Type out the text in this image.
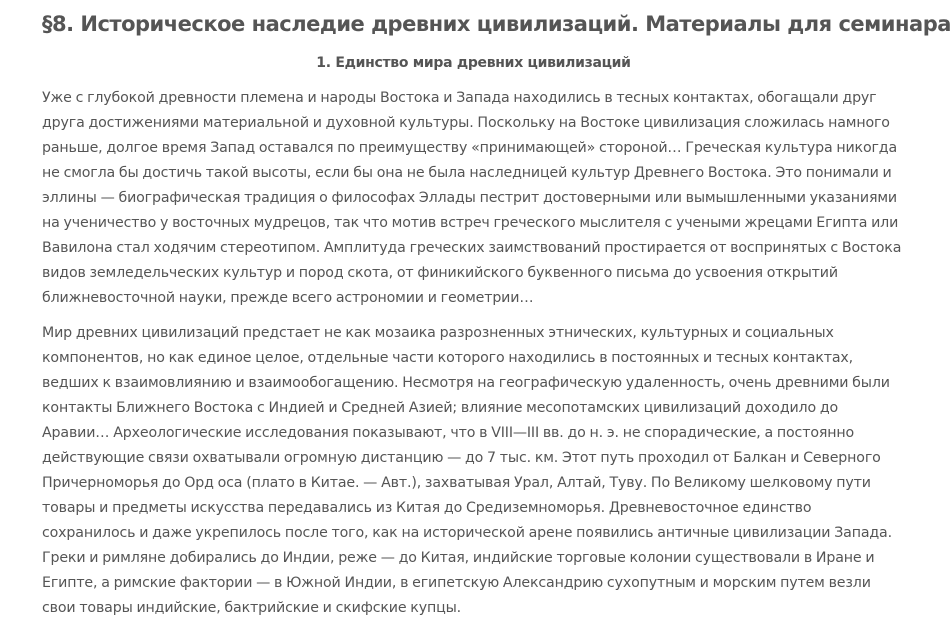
§8. Историческое наследие древних цивилизаций. Материалы для семинара
1. Единство мира древних цивилизаций

Уже с глубокой древности племена и народы Востока и Запада находились в тесных контактах, обогащали друг друга достижениями материальной и духовной культуры. Поскольку на Востоке цивилизация сложилась намного раньше, долгое время Запад оставался по преимуществу «принимающей» стороной… Греческая культура никогда не смогла бы достичь такой высоты, если бы она не была наследницей культур Древнего Востока. Это понимали и эллины — биографическая традиция о философах Эллады пестрит достоверными или вымышленными указаниями на ученичество у восточных мудрецов, так что мотив встреч греческого мыслителя с учеными жрецами Египта или Вавилона стал ходячим стереотипом. Амплитуда греческих заимствований простирается от воспринятых с Востока видов земледельческих культур и пород скота, от финикийского буквенного письма до усвоения открытий ближневосточной науки, прежде всего астрономии и геометрии…

Мир древних цивилизаций предстает не как мозаика разрозненных этнических, культурных и социальных компонентов, но как единое целое, отдельные части которого находились в постоянных и тесных контактах, ведших к взаимовлиянию и взаимообогащению. Несмотря на географическую удаленность, очень древними были контакты Ближнего Востока с Индией и Средней Азией; влияние месопотамских цивилизаций доходило до Аравии… Археологические исследования показывают, что в VIII—III вв. до н. э. не спорадические, а постоянно действующие связи охватывали огромную дистанцию — до 7 тыс. км. Этот путь проходил от Балкан и Северного Причерноморья до Орд оса (плато в Китае. — Авт.), захватывая Урал, Алтай, Туву. По Великому шелковому пути товары и предметы искусства передавались из Китая до Средиземноморья. Древневосточное единство сохранилось и даже укрепилось после того, как на исторической арене появились античные цивилизации Запада. Греки и римляне добирались до Индии, реже — до Китая, индийские торговые колонии существовали в Иране и Египте, а римские фактории — в Южной Индии, в египетскую Александрию сухопутным и морским путем везли свои товары индийские, бактрийские и скифские купцы.
